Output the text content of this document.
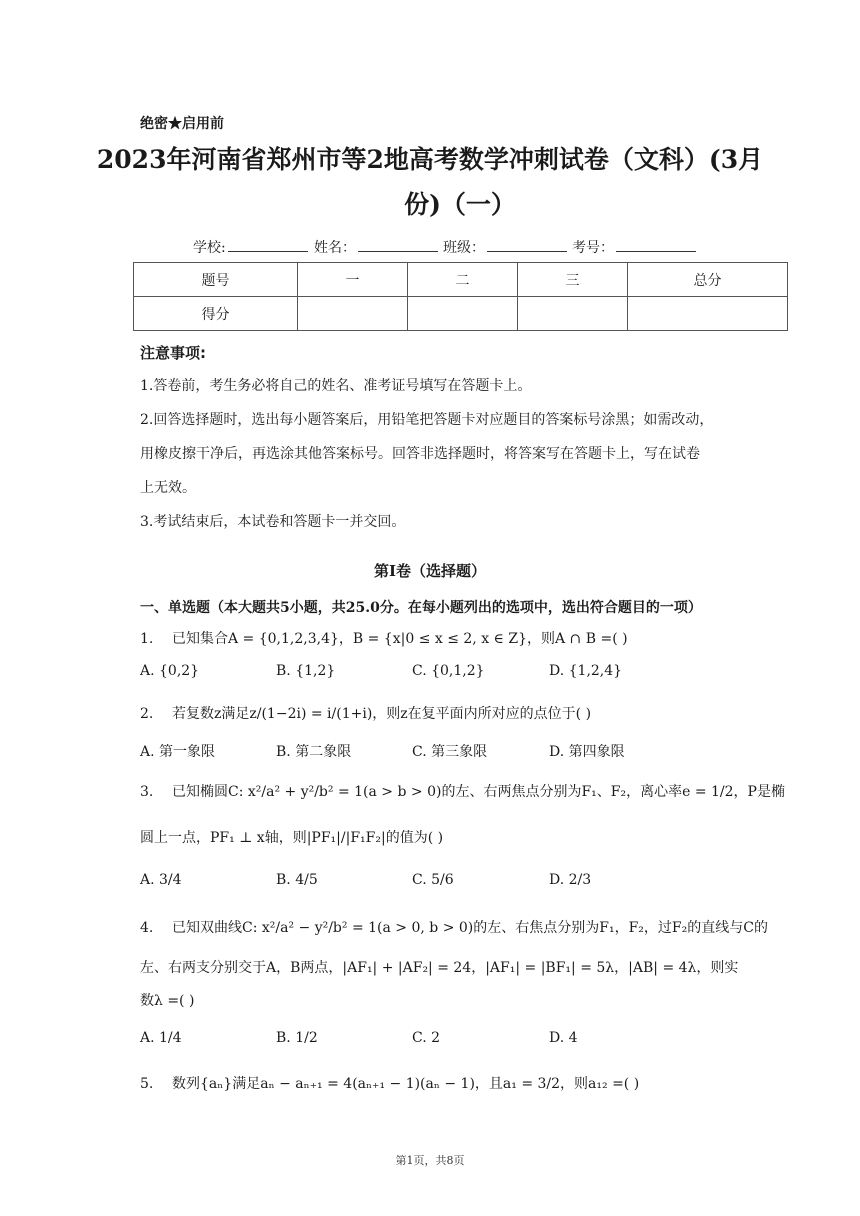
绝密★启用前
2023年河南省郑州市等2地高考数学冲刺试卷（文科）(3月
份)（一）
学校:	姓名：	班级：	考号：
题号	一	二	三	总分
得分				
注意事项:
1.答卷前，考生务必将自己的姓名、准考证号填写在答题卡上。
2.回答选择题时，选出每小题答案后，用铅笔把答题卡对应题目的答案标号涂黑；如需改动，
用橡皮擦干净后，再选涂其他答案标号。回答非选择题时，将答案写在答题卡上，写在试卷
上无效。
3.考试结束后，本试卷和答题卡一并交回。
第I卷（选择题）
一、单选题（本大题共5小题，共25.0分。在每小题列出的选项中，选出符合题目的一项）
1. 已知集合A = {0,1,2,3,4}，B = {x|0 ≤ x ≤ 2, x ∈ Z}，则A ∩ B =( )
A. {0,2}	B. {1,2}	C. {0,1,2}	D. {1,2,4}
2. 若复数z满足z/(1−2i) = i/(1+i)，则z在复平面内所对应的点位于( )
A. 第一象限	B. 第二象限	C. 第三象限	D. 第四象限
3. 已知椭圆C: x²/a² + y²/b² = 1(a > b > 0)的左、右两焦点分别为F₁、F₂，离心率e = 1/2，P是椭
圆上一点，PF₁ ⊥ x轴，则|PF₁|/|F₁F₂|的值为( )
A. 3/4	B. 4/5	C. 5/6	D. 2/3
4. 已知双曲线C: x²/a² − y²/b² = 1(a > 0, b > 0)的左、右焦点分别为F₁，F₂，过F₂的直线与C的
左、右两支分别交于A，B两点，|AF₁| + |AF₂| = 24，|AF₁| = |BF₁| = 5λ，|AB| = 4λ，则实
数λ =( )
A. 1/4	B. 1/2	C. 2	D. 4
5. 数列{aₙ}满足aₙ − aₙ₊₁ = 4(aₙ₊₁ − 1)(aₙ − 1)，且a₁ = 3/2，则a₁₂ =( )
第1页，共8页
